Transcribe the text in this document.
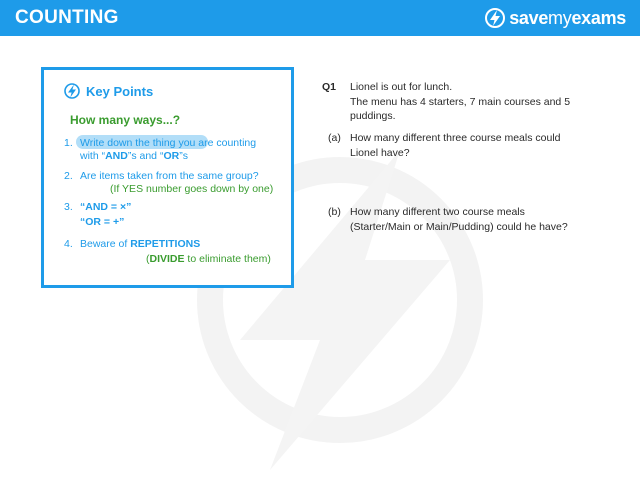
COUNTING	savemyexams
Key Points
How many ways...?
1. Write down the thing you are counting
with “AND”s and “OR”s
2. Are items taken from the same group?
(If YES number goes down by one)
3. “AND = ×”
“OR = +”
4. Beware of REPETITIONS
(DIVIDE to eliminate them)
Q1 Lionel is out for lunch.
The menu has 4 starters, 7 main courses and 5
puddings.
(a) How many different three course meals could
Lionel have?
(b) How many different two course meals
(Starter/Main or Main/Pudding) could he have?
